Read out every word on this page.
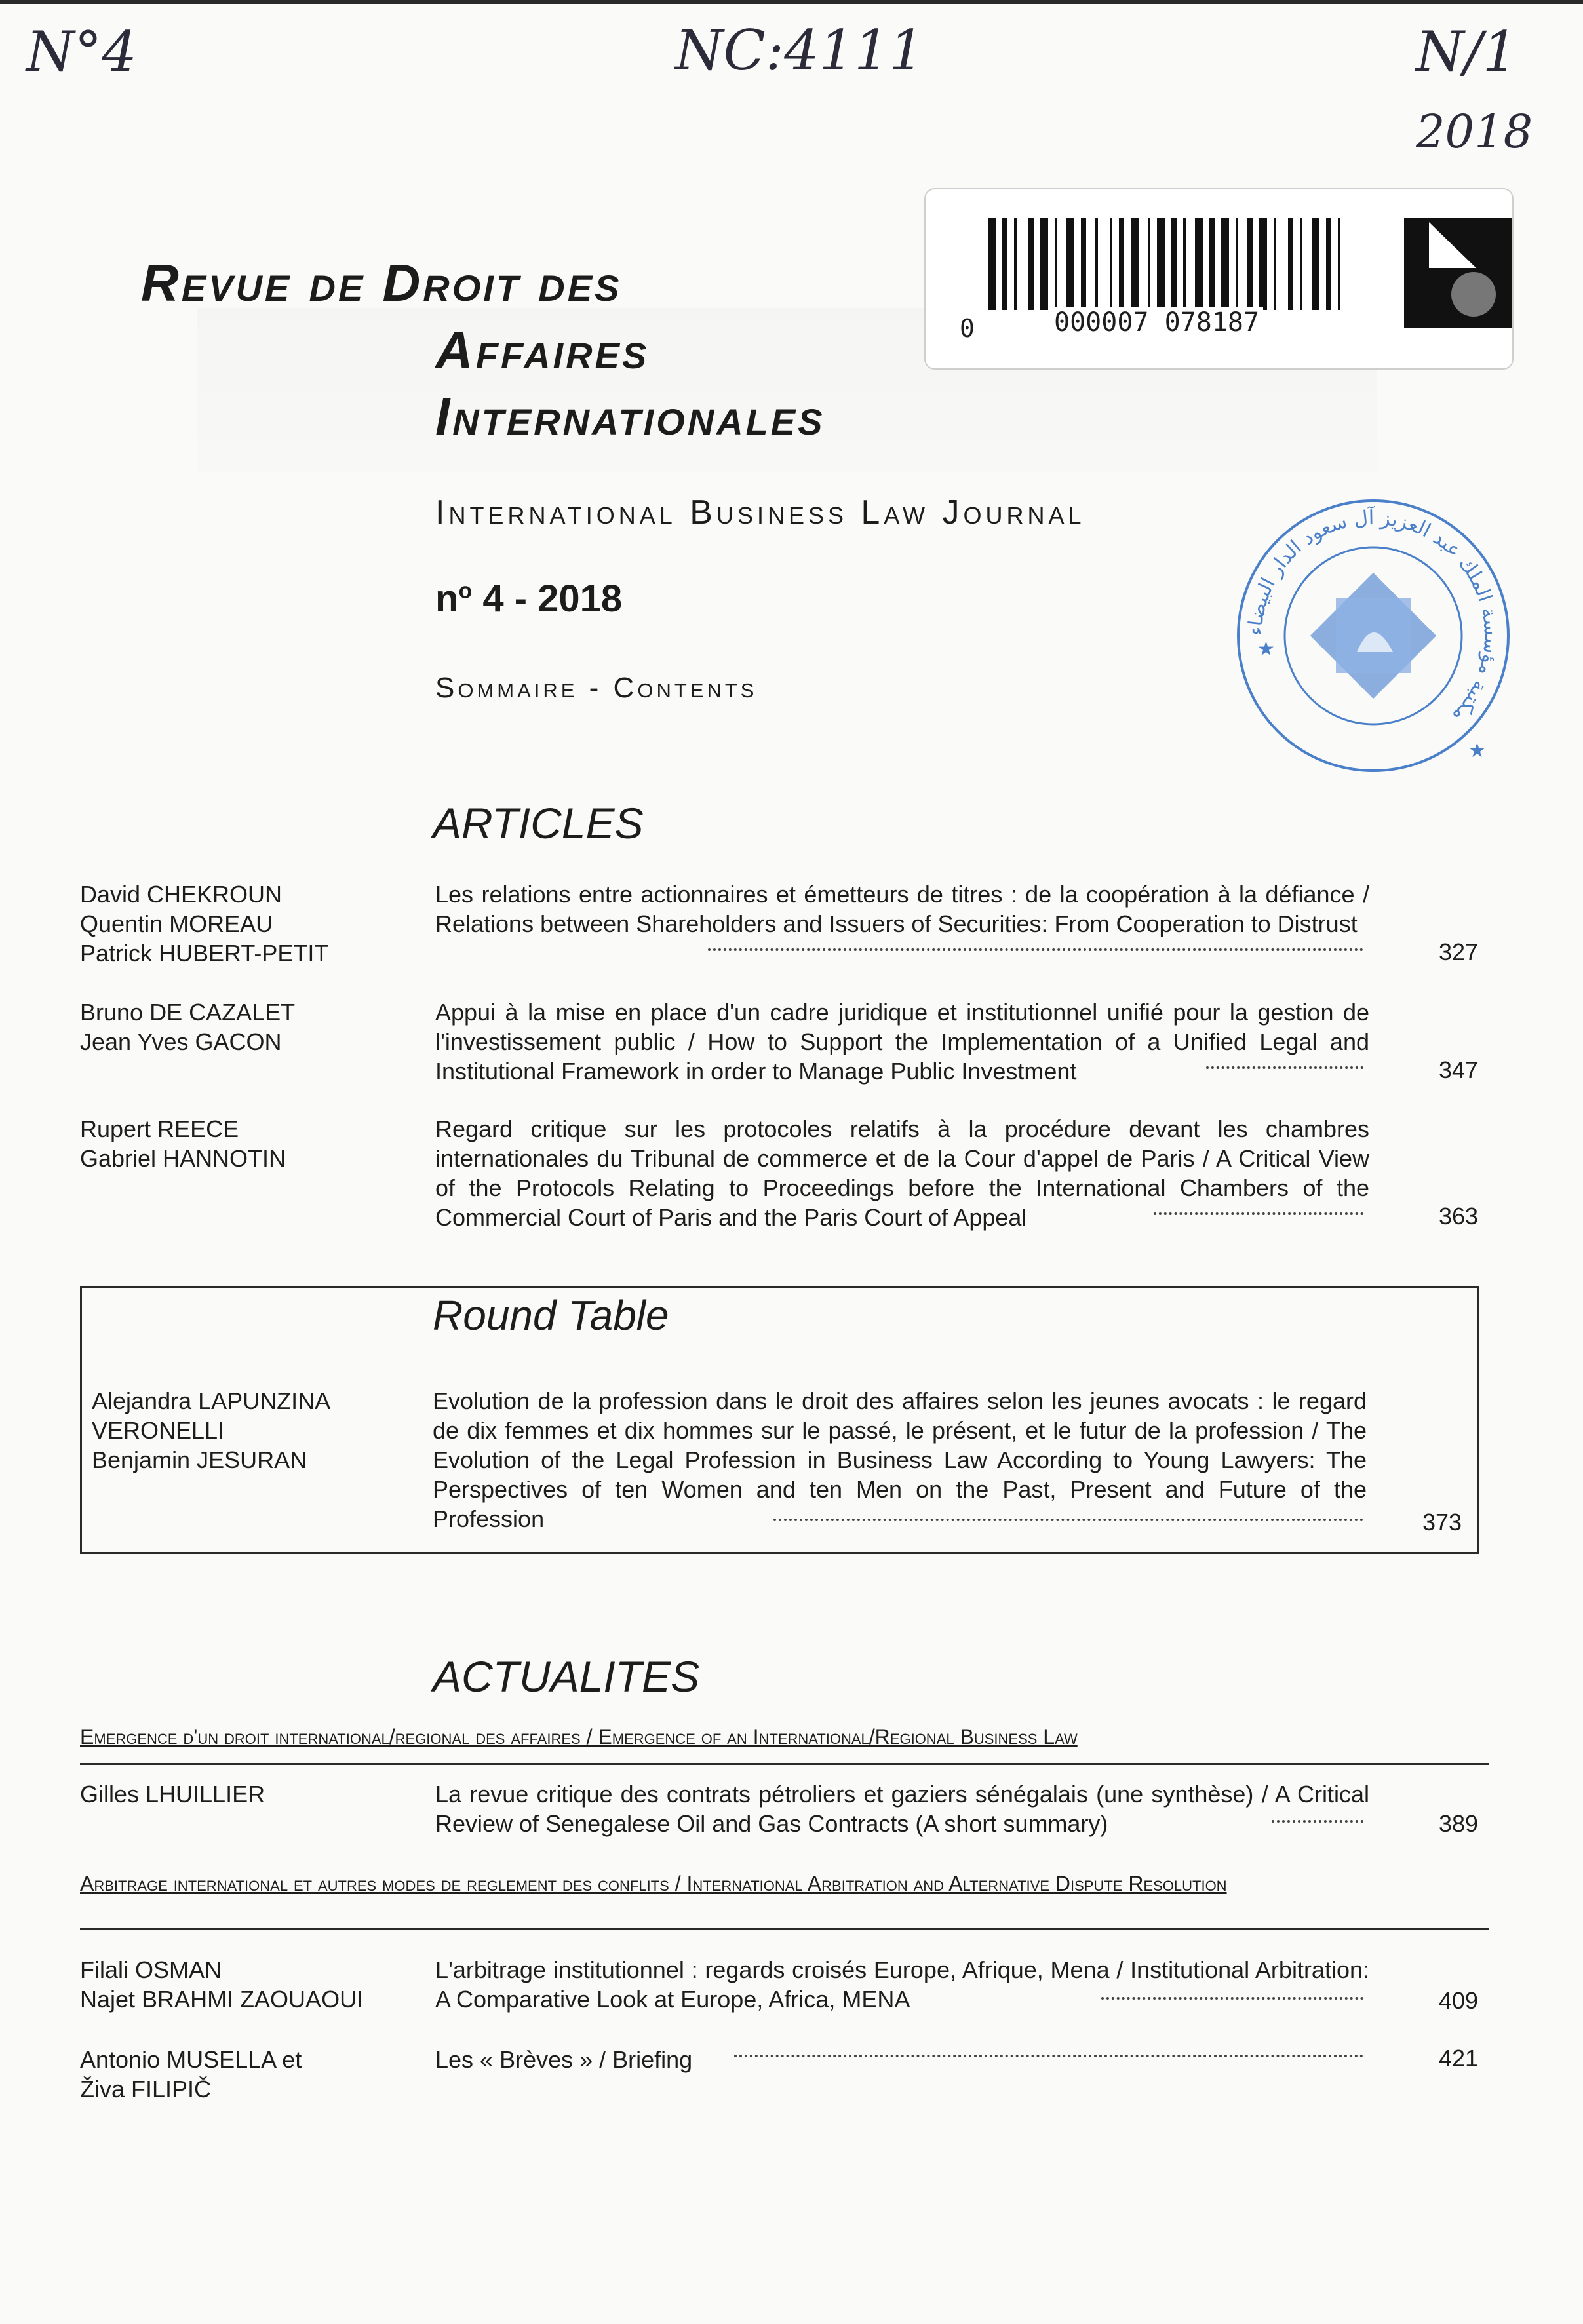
N°4	NC:4111	N/1
2018
0	000007 078187
★
★
مكتبة مؤسسة الملك عبد العزيز آل سعود الدار البيضاء
Revue de Droit des
Affaires
Internationales
International Business Law Journal
$n^o$ 4 - 2018
Sommaire - Contents
ARTICLES
David CHEKROUN
Quentin MOREAU
Patrick HUBERT-PETIT
Les relations entre actionnaires et émetteurs de titres : de la coopération à la défiance / Relations between Shareholders and Issuers of Securities: From Cooperation to Distrust
327
Bruno DE CAZALET
Jean Yves GACON
Appui à la mise en place d'un cadre juridique et institutionnel unifié pour la gestion de l'investissement public / How to Support the Implementation of a Unified Legal and Institutional Framework in order to Manage Public Investment	347
Rupert REECE
Gabriel HANNOTIN
Regard critique sur les protocoles relatifs à la procédure devant les chambres internationales du Tribunal de commerce et de la Cour d'appel de Paris / A Critical View of the Protocols Relating to Proceedings before the International Chambers of the Commercial Court of Paris and the Paris Court of Appeal	363
Round Table
Alejandra LAPUNZINA
VERONELLI
Benjamin JESURAN
Evolution de la profession dans le droit des affaires selon les jeunes avocats : le regard de dix femmes et dix hommes sur le passé, le présent, et le futur de la profession / The Evolution of the Legal Profession in Business Law According to Young Lawyers: The Perspectives of ten Women and ten Men on the Past, Present and Future of the Profession	373
ACTUALITES
Emergence d'un droit international/regional des affaires / Emergence of an International/Regional Business Law
Gilles LHUILLIER	La revue critique des contrats pétroliers et gaziers sénégalais (une synthèse) / A Critical Review of Senegalese Oil and Gas Contracts (A short summary)	389
Arbitrage international et autres modes de reglement des conflits / International Arbitration and Alternative Dispute Resolution
Filali OSMAN
Najet BRAHMI ZAOUAOUI
L'arbitrage institutionnel : regards croisés Europe, Afrique, Mena / Institutional Arbitration: A Comparative Look at Europe, Africa, MENA	409
Antonio MUSELLA et
Živa FILIPIČ
Les « Brèves » / Briefing	421
